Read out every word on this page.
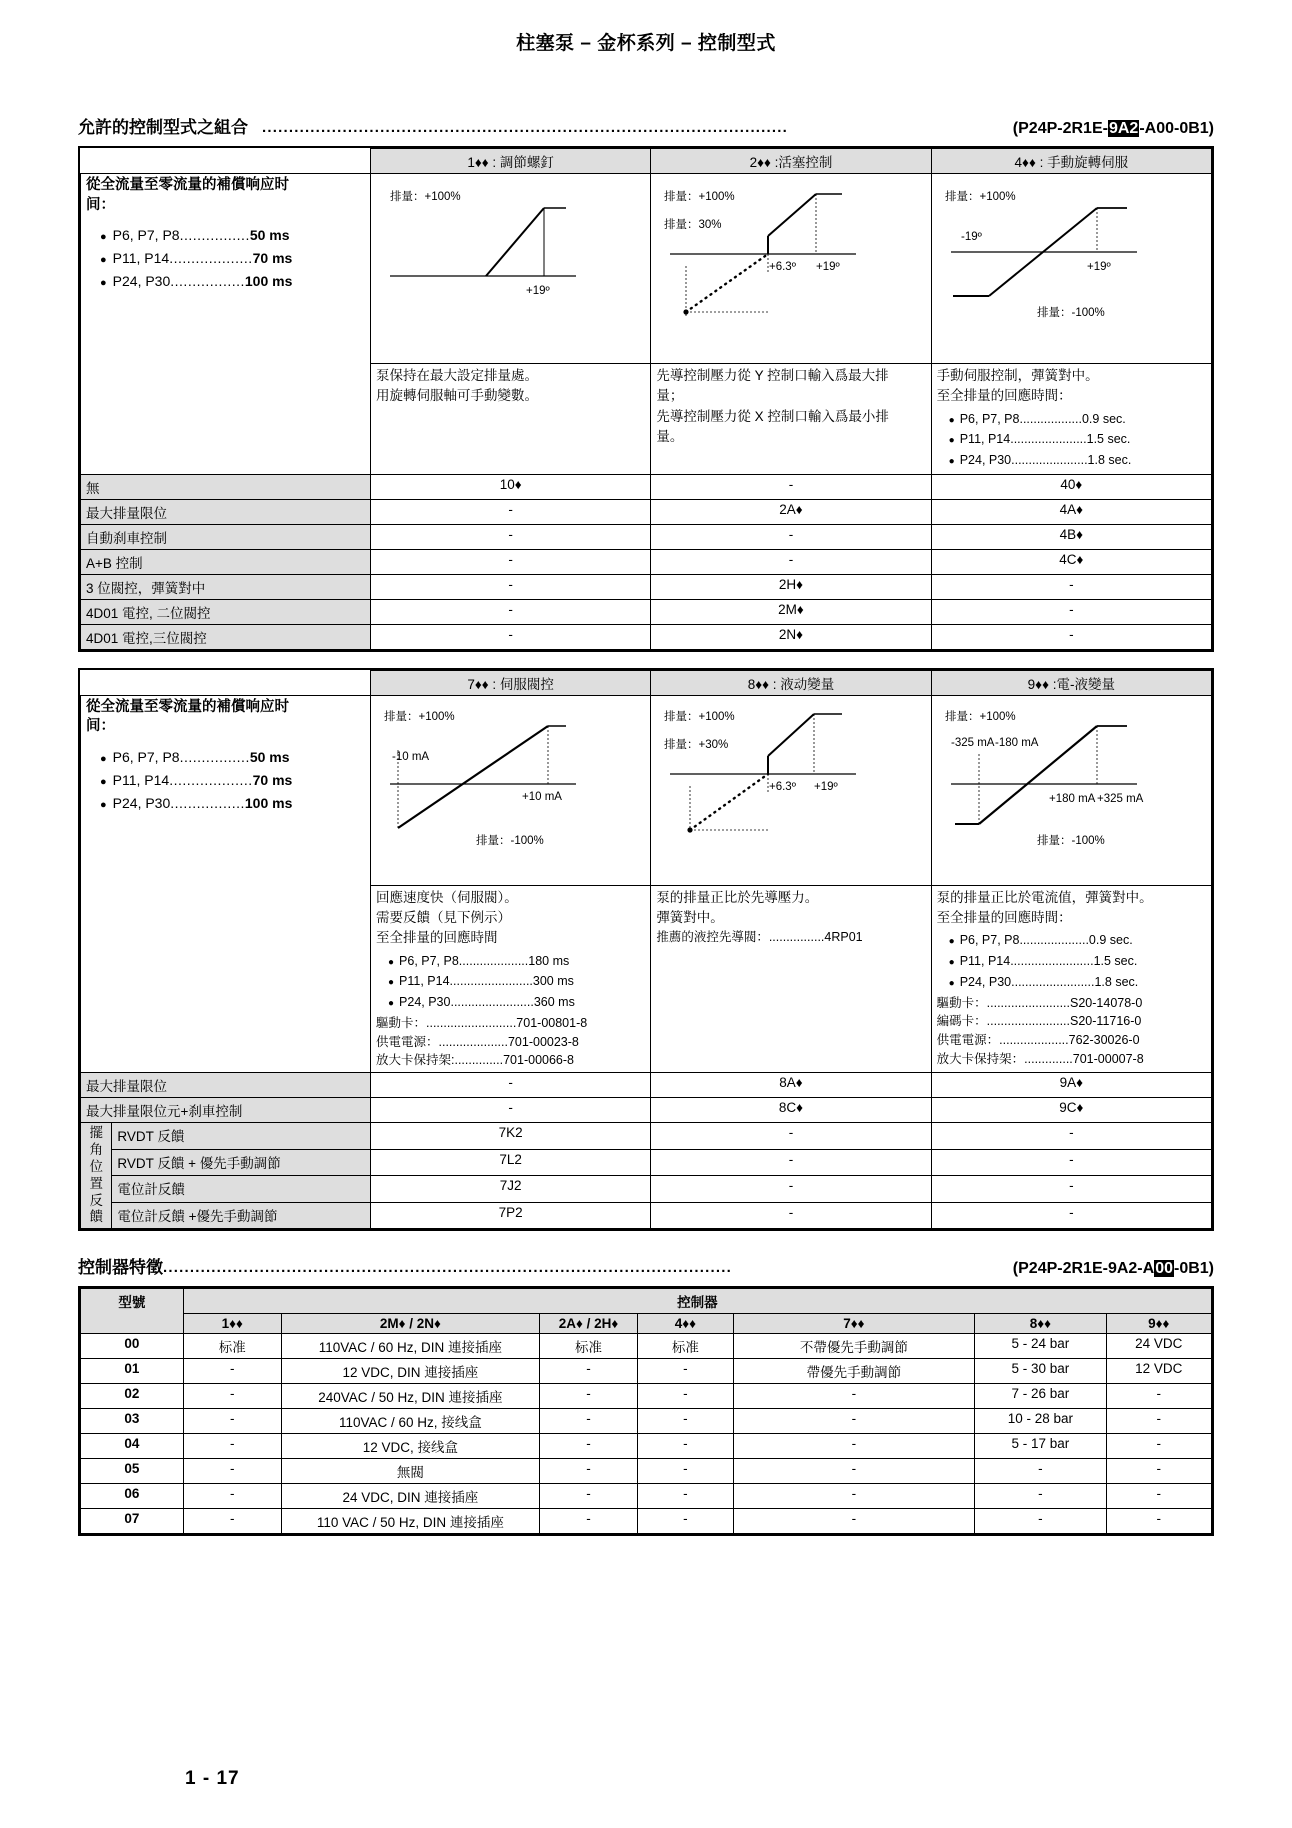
柱塞泵 – 金杯系列 – 控制型式
允許的控制型式之組合 ..................................................................................................	(P24P-2R1E-9A2-A00-0B1)
	1♦♦ : 調節螺釘	2♦♦ :活塞控制	4♦♦ : 手動旋轉伺服

從全流量至零流量的補償响应时
间：
● P6, P7, P8 ................ 50 ms
● P11, P14 ................... 70 ms
● P24, P30 ................. 100 ms

排量：+100%
+19º

排量：+100%
排量：30%
+6.3º +19º

排量：+100%
-19º
+19º
排量：-100%

泵保持在最大設定排量處。
用旋轉伺服軸可手動變數。

先導控制壓力從 Y 控制口輸入爲最大排
量；
先導控制壓力從 X 控制口輸入爲最小排
量。

手動伺服控制，彈簧對中。
至全排量的回應時間：
● P6, P7, P8 .................. 0.9 sec.
● P11, P14 ...................... 1.5 sec.
● P24, P30 ...................... 1.8 sec.

無	10♦	-	40♦
最大排量限位	-	2A♦	4A♦
自動刹車控制	-	-	4B♦
A+B 控制	-	-	4C♦
3 位閥控，彈簧對中	-	2H♦	-
4D01 電控, 二位閥控	-	2M♦	-
4D01 電控,三位閥控	-	2N♦	-
		7♦♦ : 伺服閥控	8♦♦ : 液动變量	9♦♦ :電-液變量

從全流量至零流量的補償响应时
间：
● P6, P7, P8 ................ 50 ms
● P11, P14 ................... 70 ms
● P24, P30 ................. 100 ms

排量：+100%
-10 mA
+10 mA
排量：-100%

排量：+100%
排量：+30%
+6.3º +19º

排量：+100%
-325 mA -180 mA
+180 mA +325 mA
排量：-100%

回應速度快（伺服閥）。
需要反饋（見下例示）
至全排量的回應時間
● P6, P7, P8 .................... 180 ms
● P11, P14 ........................ 300 ms
● P24, P30 ........................ 360 ms
驅動卡：..........................701-00801-8
供電電源：....................701-00023-8
放大卡保持架:..............701-00066-8

泵的排量正比於先導壓力。
彈簧對中。
推薦的液控先導閥：................4RP01

泵的排量正比於電流值，彈簧對中。
至全排量的回應時間：
● P6, P7, P8 .................... 0.9 sec.
● P11, P14 ........................ 1.5 sec.
● P24, P30 ........................ 1.8 sec.
驅動卡：........................S20-14078-0
編碼卡：........................S20-11716-0
供電電源：....................762-30026-0
放大卡保持架：..............701-00007-8

最大排量限位		-	8A♦	9A♦
最大排量限位元+刹車控制		-	8C♦	9C♦
擺角
位置
反饋	RVDT 反饋	7K2	-	-
	RVDT 反饋 + 優先手動調節	7L2	-	-
	電位計反饋	7J2	-	-
	電位計反饋 +優先手動調節	7P2	-	-
控制器特徵 ..........................................................................................................	(P24P-2R1E-9A2-A00-0B1)
型號	控制器						
	1♦♦	2M♦ / 2N♦	2A♦ / 2H♦	4♦♦	7♦♦	8♦♦	9♦♦
00	标准	110VAC / 60 Hz, DIN 連接插座	标准	标准	不帶優先手動調節	5 - 24 bar	24 VDC
01	-	12 VDC, DIN 連接插座	-	-	帶優先手動調節	5 - 30 bar	12 VDC
02	-	240VAC / 50 Hz, DIN 連接插座	-	-	-	7 - 26 bar	-
03	-	110VAC / 60 Hz, 接线盒	-	-	-	10 - 28 bar	-
04	-	12 VDC, 接线盒	-	-	-	5 - 17 bar	-
05	-	無閥	-	-	-	-	-
06	-	24 VDC, DIN 連接插座	-	-	-	-	-
07	-	110 VAC / 50 Hz, DIN 連接插座	-	-	-	-	-
1 - 17
